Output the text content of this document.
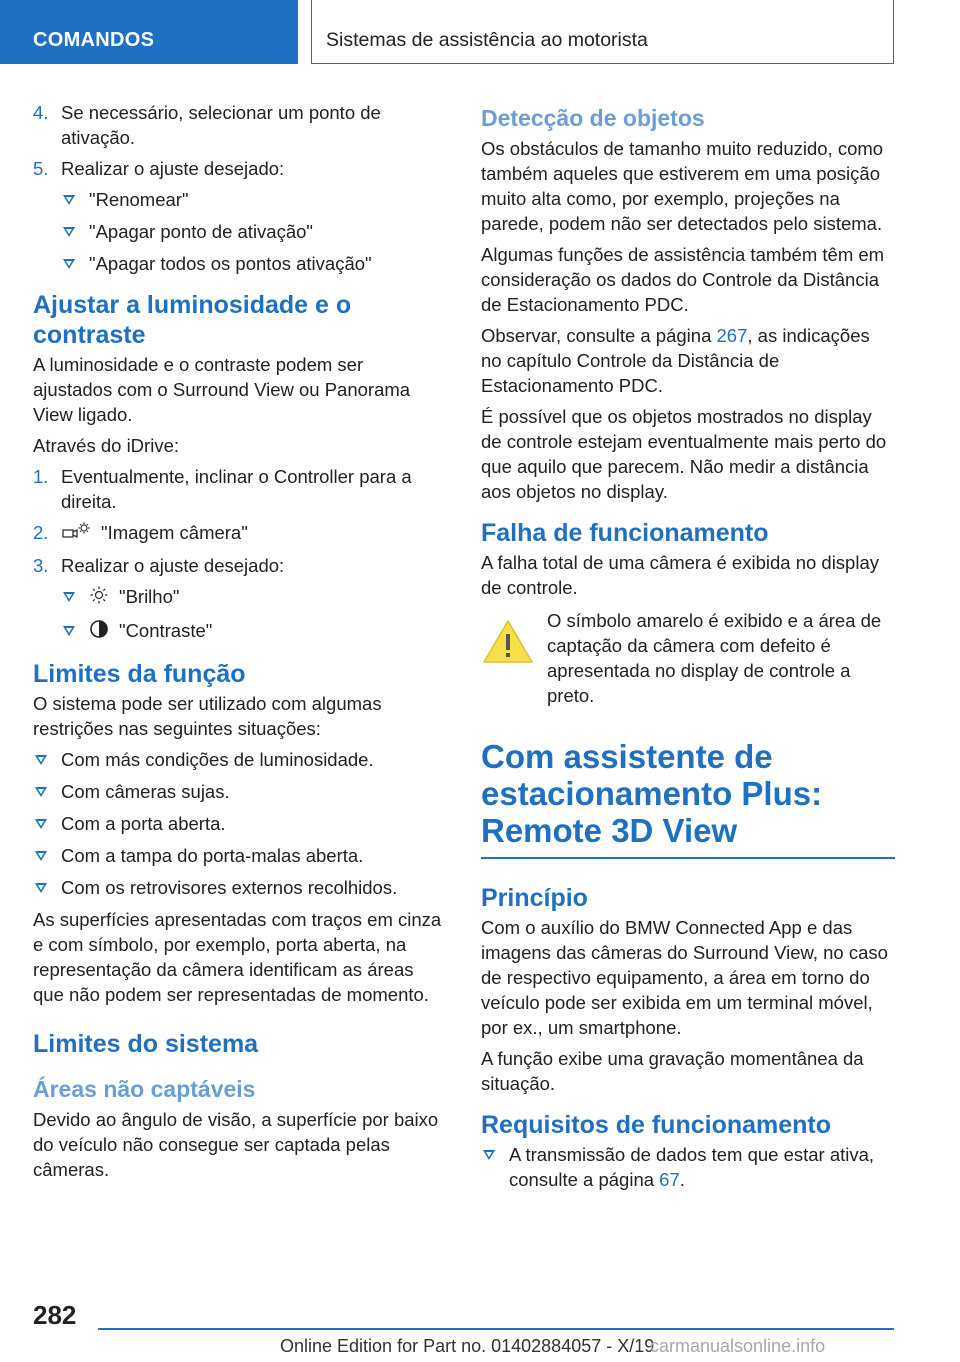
COMANDOS	Sistemas de assistência ao motorista
4. Se necessário, selecionar um ponto de ativação.
5. Realizar o ajuste desejado:
"Renomear"
"Apagar ponto de ativação"
"Apagar todos os pontos ativação"
Ajustar a luminosidade e o contraste

A luminosidade e o contraste podem ser ajustados com o Surround View ou Panorama View ligado.

Através do iDrive:

1. Eventualmente, inclinar o Controller para a direita.
2.	"Imagem câmera"
3. Realizar o ajuste desejado:
"Brilho"
"Contraste"
Limites da função

O sistema pode ser utilizado com algumas restrições nas seguintes situações:

Com más condições de luminosidade.
Com câmeras sujas.
Com a porta aberta.
Com a tampa do porta-malas aberta.
Com os retrovisores externos recolhidos.

As superfícies apresentadas com traços em cinza e com símbolo, por exemplo, porta aberta, na representação da câmera identificam as áreas que não podem ser representadas de momento.

Limites do sistema
Áreas não captáveis

Devido ao ângulo de visão, a superfície por baixo do veículo não consegue ser captada pelas câmeras.

Detecção de objetos

Os obstáculos de tamanho muito reduzido, como também aqueles que estiverem em uma posição muito alta como, por exemplo, projeções na parede, podem não ser detectados pelo sistema.

Algumas funções de assistência também têm em consideração os dados do Controle da Distância de Estacionamento PDC.

Observar, consulte a página 267, as indicações no capítulo Controle da Distância de Estacionamento PDC.

É possível que os objetos mostrados no display de controle estejam eventualmente mais perto do que aquilo que parecem. Não medir a distância aos objetos no display.

Falha de funcionamento

A falha total de uma câmera é exibida no display de controle.

O símbolo amarelo é exibido e a área de captação da câmera com defeito é apresentada no display de controle a preto.

Com assistente de estacionamento Plus: Remote 3D View
Princípio

Com o auxílio do BMW Connected App e das imagens das câmeras do Surround View, no caso de respectivo equipamento, a área em torno do veículo pode ser exibida em um terminal móvel, por ex., um smartphone.

A função exibe uma gravação momentânea da situação.

Requisitos de funcionamento
A transmissão de dados tem que estar ativa, consulte a página 67.
282
Online Edition for Part no. 01402884057 - X/19
carmanualsonline.info
